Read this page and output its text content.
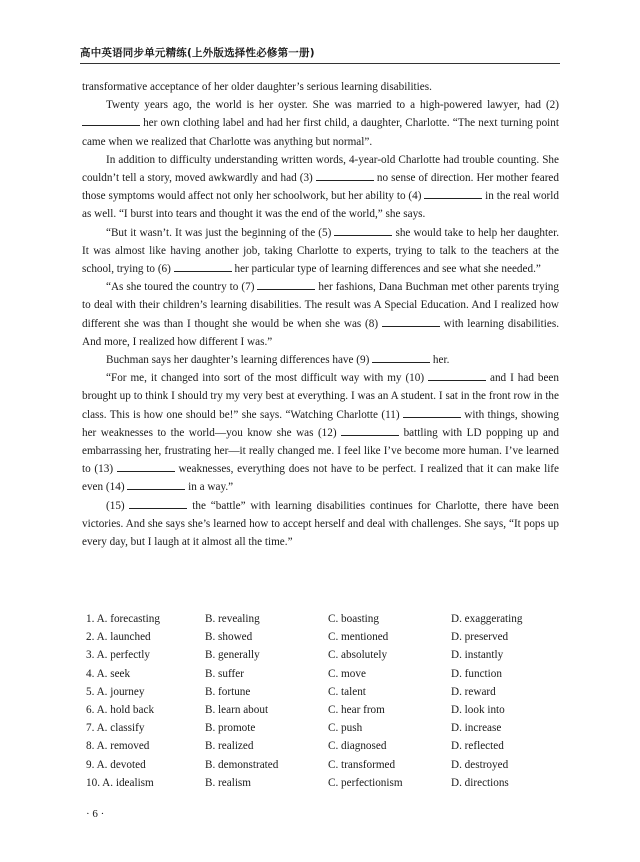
高中英语同步单元精练(上外版选择性必修第一册)

transformative acceptance of her older daughter’s serious learning disabilities.

Twenty years ago, the world is her oyster. She was married to a high-powered lawyer, had (2)  her own clothing label and had her first child, a daughter, Charlotte. “The next turning point came when we realized that Charlotte was anything but normal”.

In addition to difficulty understanding written words, 4-year-old Charlotte had trouble counting. She couldn’t tell a story, moved awkwardly and had (3)	no sense of direction. Her mother feared those symptoms would affect not only her schoolwork, but her ability to (4)	in the real world as well. “I burst into tears and thought it was the end of the world,” she says.

“But it wasn’t. It was just the beginning of the (5)	she would take to help her daughter. It was almost like having another job, taking Charlotte to experts, trying to talk to the teachers at the school, trying to (6)	her particular type of learning differences and see what she needed.”

“As she toured the country to (7)	her fashions, Dana Buchman met other parents trying to deal with their children’s learning disabilities. The result was A Special Education. And I realized how different she was than I thought she would be when she was (8)	with learning disabilities. And more, I realized how different I was.”

Buchman says her daughter’s learning differences have (9)	her.

“For me, it changed into sort of the most difficult way with my (10)	and I had been brought up to think I should try my very best at everything. I was an A student. I sat in the front row in the class. This is how one should be!” she says. “Watching Charlotte (11)	with things, showing her weaknesses to the world—you know she was (12)	battling with LD popping up and embarrassing her, frustrating her—it really changed me. I feel like I’ve become more human. I’ve learned to (13)	weaknesses, everything does not have to be perfect. I realized that it can make life even (14)	in a way.”

(15)	the “battle” with learning disabilities continues for Charlotte, there have been victories. And she says she’s learned how to accept herself and deal with challenges. She says, “It pops up every day, but I laugh at it almost all the time.”

1. A. forecasting	B. revealing	C. boasting	D. exaggerating
2. A. launched	B. showed	C. mentioned	D. preserved
3. A. perfectly	B. generally	C. absolutely	D. instantly
4. A. seek	B. suffer	C. move	D. function
5. A. journey	B. fortune	C. talent	D. reward
6. A. hold back	B. learn about	C. hear from	D. look into
7. A. classify	B. promote	C. push	D. increase
8. A. removed	B. realized	C. diagnosed	D. reflected
9. A. devoted	B. demonstrated	C. transformed	D. destroyed
10. A. idealism	B. realism	C. perfectionism	D. directions
· 6 ·
